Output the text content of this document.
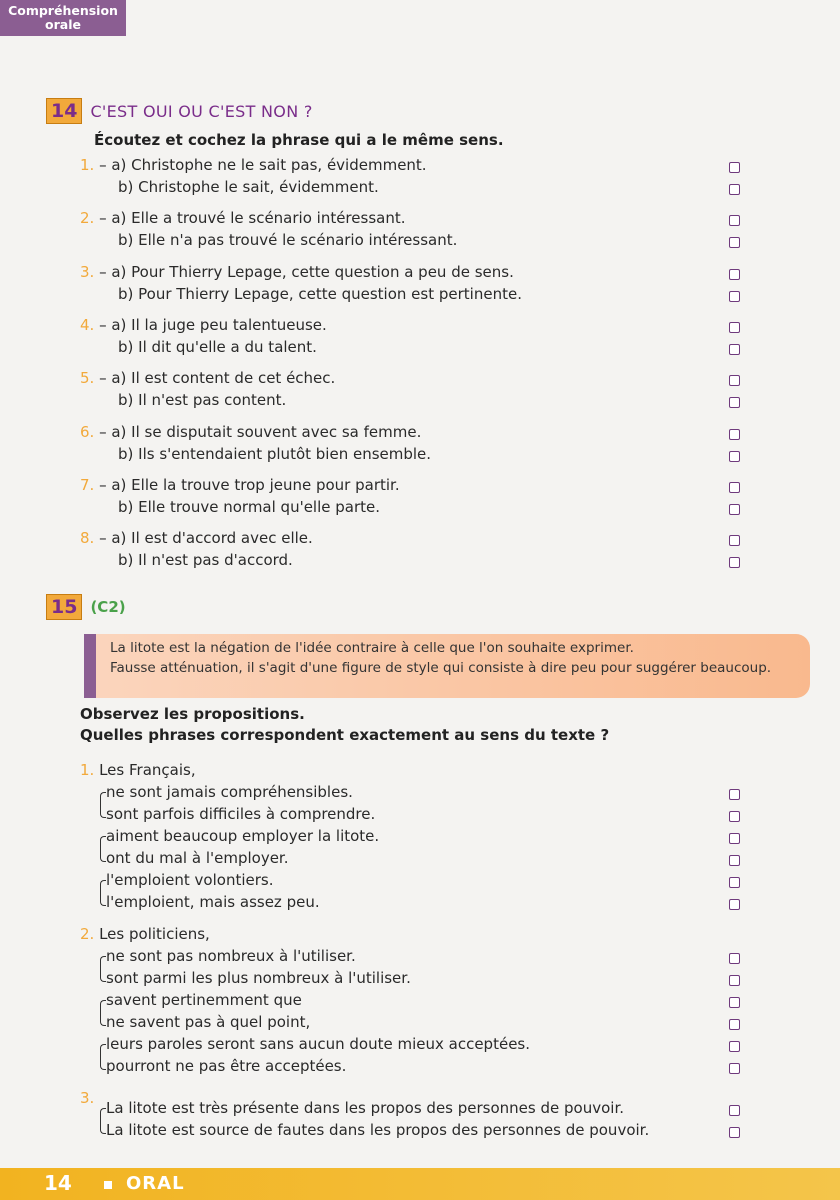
Compréhension
orale
14 C'EST OUI OU C'EST NON ?
Écoutez et cochez la phrase qui a le même sens.
1. – a) Christophe ne le sait pas, évidemment.
b) Christophe le sait, évidemment.
2. – a) Elle a trouvé le scénario intéressant.
b) Elle n'a pas trouvé le scénario intéressant.
3. – a) Pour Thierry Lepage, cette question a peu de sens.
b) Pour Thierry Lepage, cette question est pertinente.
4. – a) Il la juge peu talentueuse.
b) Il dit qu'elle a du talent.
5. – a) Il est content de cet échec.
b) Il n'est pas content.
6. – a) Il se disputait souvent avec sa femme.
b) Ils s'entendaient plutôt bien ensemble.
7. – a) Elle la trouve trop jeune pour partir.
b) Elle trouve normal qu'elle parte.
8. – a) Il est d'accord avec elle.
b) Il n'est pas d'accord.
15 (C2)
La litote est la négation de l'idée contraire à celle que l'on souhaite exprimer.
Fausse atténuation, il s'agit d'une figure de style qui consiste à dire peu pour suggérer beaucoup.
Observez les propositions.
Quelles phrases correspondent exactement au sens du texte ?
1. Les Français,
ne sont jamais compréhensibles.
sont parfois difficiles à comprendre.
aiment beaucoup employer la litote.
ont du mal à l'employer.
l'emploient volontiers.
l'emploient, mais assez peu.
2. Les politiciens,
ne sont pas nombreux à l'utiliser.
sont parmi les plus nombreux à l'utiliser.
savent pertinemment que
ne savent pas à quel point,
leurs paroles seront sans aucun doute mieux acceptées.
pourront ne pas être acceptées.
3.
La litote est très présente dans les propos des personnes de pouvoir.
La litote est source de fautes dans les propos des personnes de pouvoir.
14	ORAL
